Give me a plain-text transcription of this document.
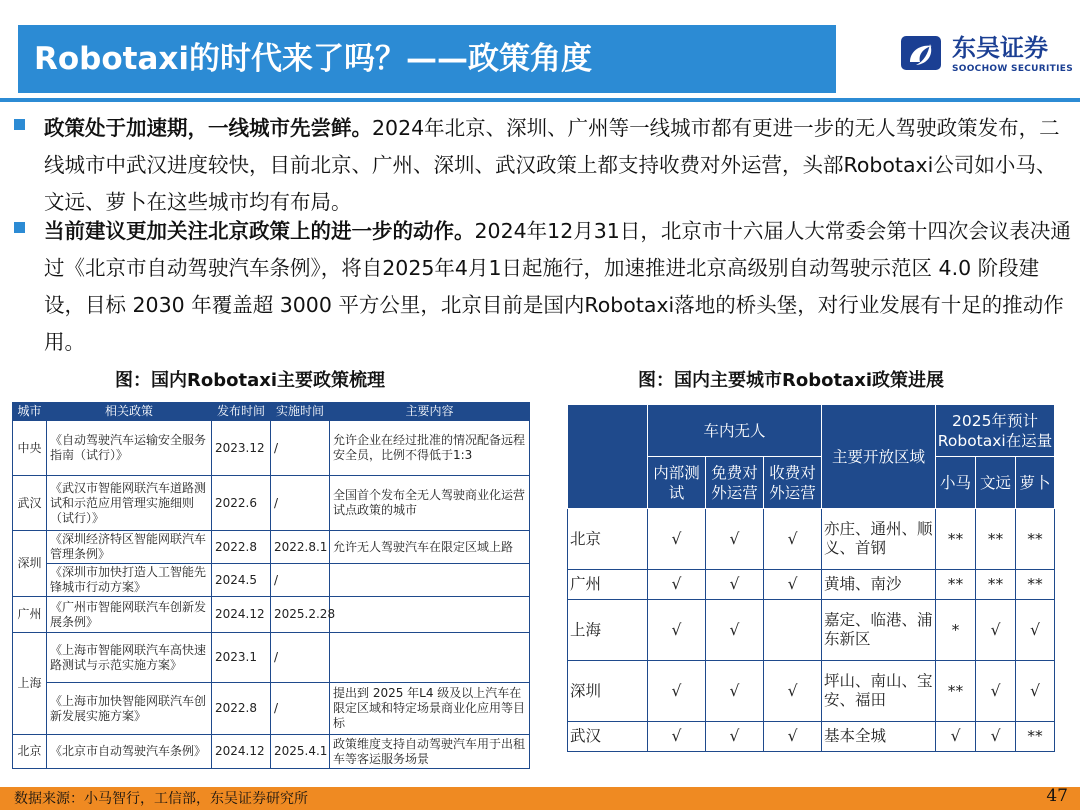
Robotaxi的时代来了吗？——政策角度	东吴证券
SOOCHOW SECURITIES

政策处于加速期，一线城市先尝鲜。2024年北京、深圳、广州等一线城市都有更进一步的无人驾驶政策发布，二线城市中武汉进度较快，目前北京、广州、深圳、武汉政策上都支持收费对外运营，头部Robotaxi公司如小马、文远、萝卜在这些城市均有布局。

当前建议更加关注北京政策上的进一步的动作。2024年12月31日，北京市十六届人大常委会第十四次会议表决通过《北京市自动驾驶汽车条例》，将自2025年4月1日起施行，加速推进北京高级别自动驾驶示范区 4.0 阶段建设，目标 2030 年覆盖超 3000 平方公里，北京目前是国内Robotaxi落地的桥头堡，对行业发展有十足的推动作用。

图：国内Robotaxi主要政策梳理	图：国内主要城市Robotaxi政策进展
城市	相关政策	发布时间	实施时间	主要内容
中央	《自动驾驶汽车运输安全服务指南（试行）》	2023.12	/	允许企业在经过批准的情况配备远程安全员，比例不得低于1:3
武汉	《武汉市智能网联汽车道路测试和示范应用管理实施细则（试行）》	2022.6	/	全国首个发布全无人驾驶商业化运营试点政策的城市
深圳	《深圳经济特区智能网联汽车管理条例》	2022.8	2022.8.1	允许无人驾驶汽车在限定区域上路
	《深圳市加快打造人工智能先锋城市行动方案》	2024.5	/	
广州	《广州市智能网联汽车创新发展条例》	2024.12	2025.2.28	
上海	《上海市智能网联汽车高快速路测试与示范实施方案》	2023.1	/	
	《上海市加快智能网联汽车创新发展实施方案》	2022.8	/	提出到 2025 年L4 级及以上汽车在限定区域和特定场景商业化应用等目标
北京	《北京市自动驾驶汽车条例》	2024.12	2025.4.1	政策维度支持自动驾驶汽车用于出租车等客运服务场景
	车内无人			主要开放区域	2025年预计Robotaxi在运量		
	内部测试	免费对外运营	收费对外运营		小马	文远	萝卜
北京	√	√	√	亦庄、通州、顺义、首钢	**	**	**
广州	√	√	√	黄埔、南沙	**	**	**
上海	√	√		嘉定、临港、浦东新区	*	√	√
深圳	√	√	√	坪山、南山、宝安、福田	**	√	√
武汉	√	√	√	基本全城	√	√	**
数据来源：小马智行，工信部，东吴证券研究所	47
